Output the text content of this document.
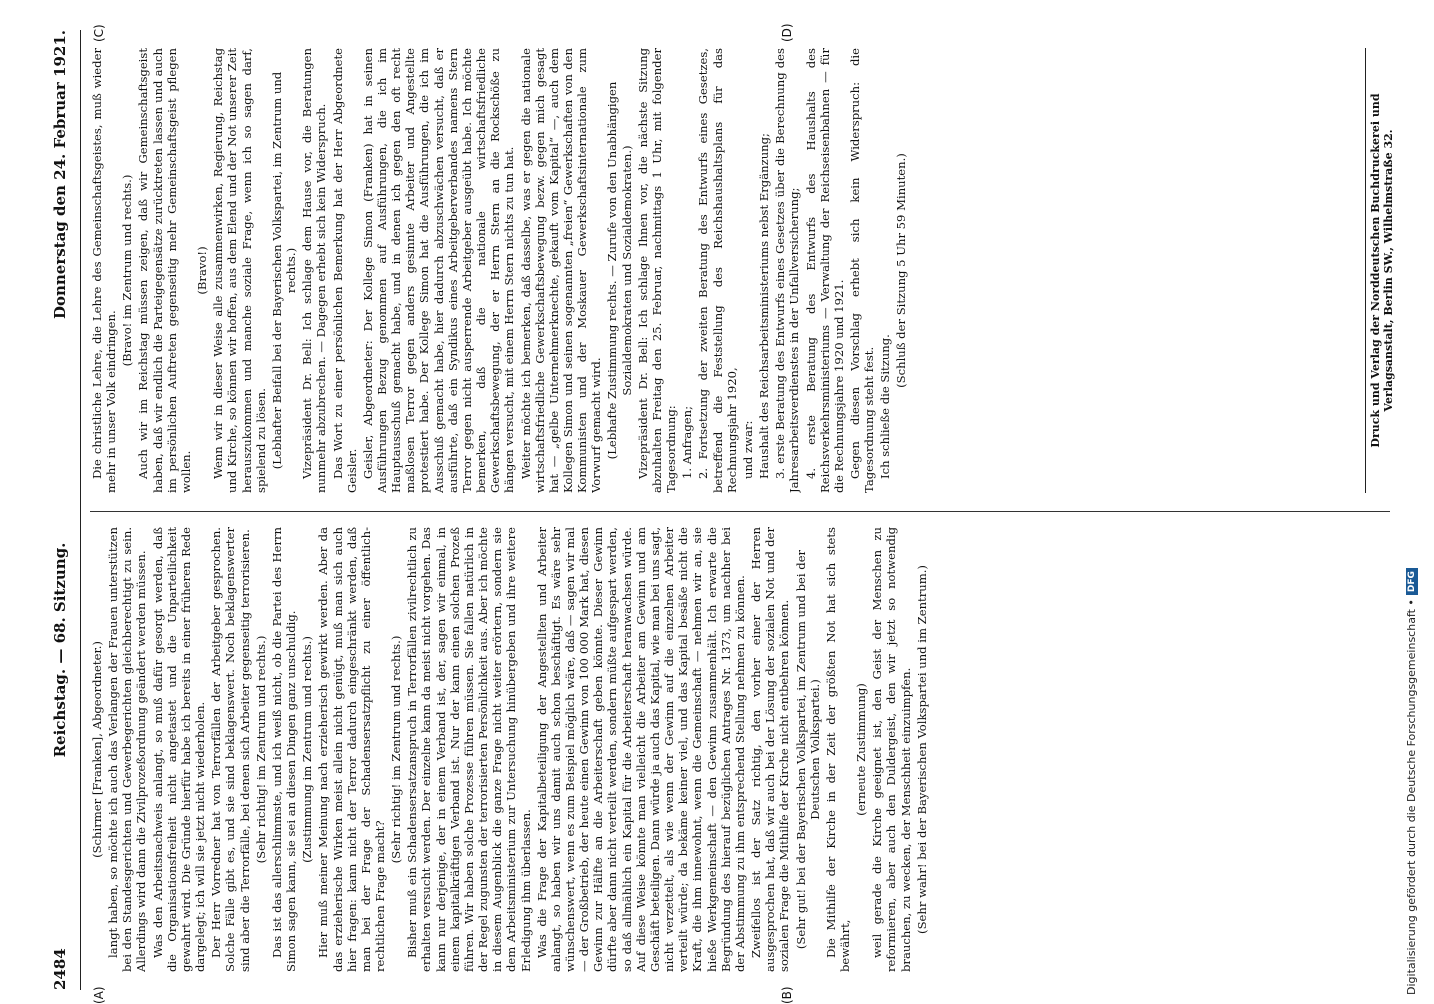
2484
Reichstag. — 68. Sitzung.
Donnerstag den 24. Februar 1921.
(A)	(B)
(C)	(D)

(Schirmer [Franken], Abgeordneter.) langt haben, so möchte ich auch das Verlangen der Frauen unterstützen bei den Standesgerichten und Gewerbegerichten gleichberechtigt zu sein. Allerdings wird dann die Zivilprozeßordnung geändert werden müssen. Was den Arbeitsnachweis anlangt, so muß dafür gesorgt werden, daß die Organisationsfreiheit nicht angetastet und die Unparteilichkeit gewahrt wird. Die Gründe hierfür habe ich bereits in einer früheren Rede dargelegt; ich will sie jetzt nicht wiederholen. Der Herr Vorredner hat von Terrorfällen der Arbeitgeber gesprochen. Solche Fälle gibt es, und sie sind beklagenswert. Noch beklagenswerter sind aber die Terrorfälle, bei denen sich Arbeiter gegenseitig terrorisieren. (Sehr richtig! im Zentrum und rechts.) Das ist das allerschlimmste, und ich weiß nicht, ob die Partei des Herrn Simon sagen kann, sie sei an diesen Dingen ganz unschuldig. (Zustimmung im Zentrum und rechts.) Hier muß meiner Meinung nach erzieherisch gewirkt werden. Aber da das erzieherische Wirken meist allein nicht genügt, muß man sich auch hier fragen: kann nicht der Terror dadurch eingeschränkt werden, daß man bei der Frage der Schadensersatzpflicht zu einer öffentlich-rechtlichen Frage macht?

(Sehr richtig! im Zentrum und rechts.) Bisher muß ein Schadensersatzanspruch in Terrorfällen zivilrechtlich zu erhalten versucht werden. Der einzelne kann da meist nicht vorgehen. Das kann nur derjenige, der in einem Verband ist, der, sagen wir einmal, in einem kapitalkräftigen Verband ist. Nur der kann einen solchen Prozeß führen. Wir haben solche Prozesse führen müssen. Sie fallen natürlich in der Regel zugunsten der terrorisierten Persönlichkeit aus. Aber ich möchte in diesem Augenblick die ganze Frage nicht weiter erörtern, sondern sie dem Arbeitsministerium zur Untersuchung hinübergeben und ihre weitere Erledigung ihm überlassen. Was die Frage der Kapitalbeteiligung der Angestellten und Arbeiter anlangt, so haben wir uns damit auch schon beschäftigt. Es wäre sehr wünschenswert, wenn es zum Beispiel möglich wäre, daß — sagen wir mal — der Großbetrieb, der heute einen Gewinn von 100 000 Mark hat, diesen Gewinn zur Hälfte an die Arbeiterschaft geben könnte. Dieser Gewinn dürfte aber dann nicht verteilt werden, sondern müßte aufgespart werden, so daß allmählich ein Kapital für die Arbeiterschaft heranwachsen würde. Auf diese Weise könnte man vielleicht die Arbeiter am Gewinn und am Geschäft beteiligen. Dann würde ja auch das Kapital, wie man bei uns sagt, nicht verzettelt, als wie wenn der Gewinn auf die einzelnen Arbeiter verteilt würde; da bekäme keiner viel, und das Kapital besäße nicht die Kraft, die ihm innewohnt, wenn die Gemeinschaft — nehmen wir an, sie hieße Werkgemeinschaft — den Gewinn zusammenhält. Ich erwarte die Begründung des hierauf bezüglichen Antrages Nr. 1373, um nachher bei der Abstimmung zu ihm entsprechend Stellung nehmen zu können. Zweifellos ist der Satz richtig, den vorher einer der Herren ausgesprochen hat, daß wir auch bei der Lösung der sozialen Not und der sozialen Frage die Mithilfe der Kirche nicht entbehren können. (Sehr gut! bei der Bayerischen Volkspartei, im Zentrum und bei der Deutschen Volkspartei.) Die Mithilfe der Kirche in der Zeit der größten Not hat sich stets bewährt,

(erneute Zustimmung) weil gerade die Kirche geeignet ist, den Geist der Menschen zu reformieren, aber auch den Duldergeist, den wir jetzt so notwendig brauchen, zu wecken, der Menschheit einzuimpfen. (Sehr wahr! bei der Bayerischen Volkspartei und im Zentrum.)

Die christliche Lehre, die Lehre des Gemeinschaftsgeistes, muß wieder mehr in unser Volk eindringen.

(Bravo! im Zentrum und rechts.) Auch wir im Reichstag müssen zeigen, daß wir Gemeinschaftsgeist haben, daß wir endlich die Parteigegensätze zurücktreten lassen und auch im persönlichen Auftreten gegenseitig mehr Gemeinschaftsgeist pflegen wollen.

(Bravo!) Wenn wir in dieser Weise alle zusammenwirken, Regierung, Reichstag und Kirche, so können wir hoffen, aus dem Elend und der Not unserer Zeit herauszukommen und manche soziale Frage, wenn ich so sagen darf, spielend zu lösen. (Lebhafter Beifall bei der Bayerischen Volkspartei, im Zentrum und rechts.) Vizepräsident Dr. Bell: Ich schlage dem Hause vor, die Beratungen nunmehr abzubrechen. — Dagegen erhebt sich kein Widerspruch. Das Wort zu einer persönlichen Bemerkung hat der Herr Abgeordnete Geisler. Geisler, Abgeordneter: Der Kollege Simon (Franken) hat in seinen Ausführungen Bezug genommen auf Ausführungen, die ich im Hauptausschuß gemacht habe, und in denen ich gegen den oft recht maßlosen Terror gegen anders gesinnte Arbeiter und Angestellte protestiert habe. Der Kollege Simon hat die Ausführungen, die ich im Ausschuß gemacht habe, hier dadurch abzuschwächen versucht, daß er ausführte, daß ein Syndikus eines Arbeitgeberverbandes namens Stern Terror gegen nicht ausperrende Arbeitgeber ausgeübt habe. Ich möchte bemerken, daß die nationale wirtschaftsfriedliche Gewerkschaftsbewegung, der er Herrn Stern an die Rockschöße zu hängen versucht, mit einem Herrn Stern nichts zu tun hat. Weiter möchte ich bemerken, daß dasselbe, was er gegen die nationale wirtschaftsfriedliche Gewerkschaftsbewegung bezw. gegen mich gesagt hat — „gelbe Unternehmerknechte, gekauft vom Kapital“ —, auch dem Kollegen Simon und seinen sogenannten „freien“ Gewerkschaften von den Kommunisten und der Moskauer Gewerkschaftsinternationale zum Vorwurf gemacht wird. (Lebhafte Zustimmung rechts. — Zurufe von den Unabhängigen Sozialdemokraten und Sozialdemokraten.) Vizepräsident Dr. Bell: Ich schlage Ihnen vor, die nächste Sitzung abzuhalten Freitag den 25. Februar, nachmittags 1 Uhr, mit folgender Tagesordnung: 1. Anfragen; 2. Fortsetzung der zweiten Beratung des Entwurfs eines Gesetzes, betreffend die Feststellung des Reichshaushaltsplans für das Rechnungsjahr 1920, und zwar: Haushalt des Reichsarbeitsministeriums nebst Ergänzung; 3. erste Beratung des Entwurfs eines Gesetzes über die Berechnung des Jahresarbeitsverdienstes in der Unfallversicherung; 4. erste Beratung des Entwurfs des Haushalts des Reichsverkehrsministeriums — Verwaltung der Reichseisenbahnen — für die Rechnungsjahre 1920 und 1921. Gegen diesen Vorschlag erhebt sich kein Widerspruch: die Tagesordnung steht fest. Ich schließe die Sitzung.

(Schluß der Sitzung 5 Uhr 59 Minuten.)	Druck und Verlag der Norddeutschen Buchdruckerei und Verlagsanstalt, Berlin SW., Wilhelmstraße 32.
Digitalisierung gefördert durch die Deutsche Forschungsgemeinschaft •
DFG
